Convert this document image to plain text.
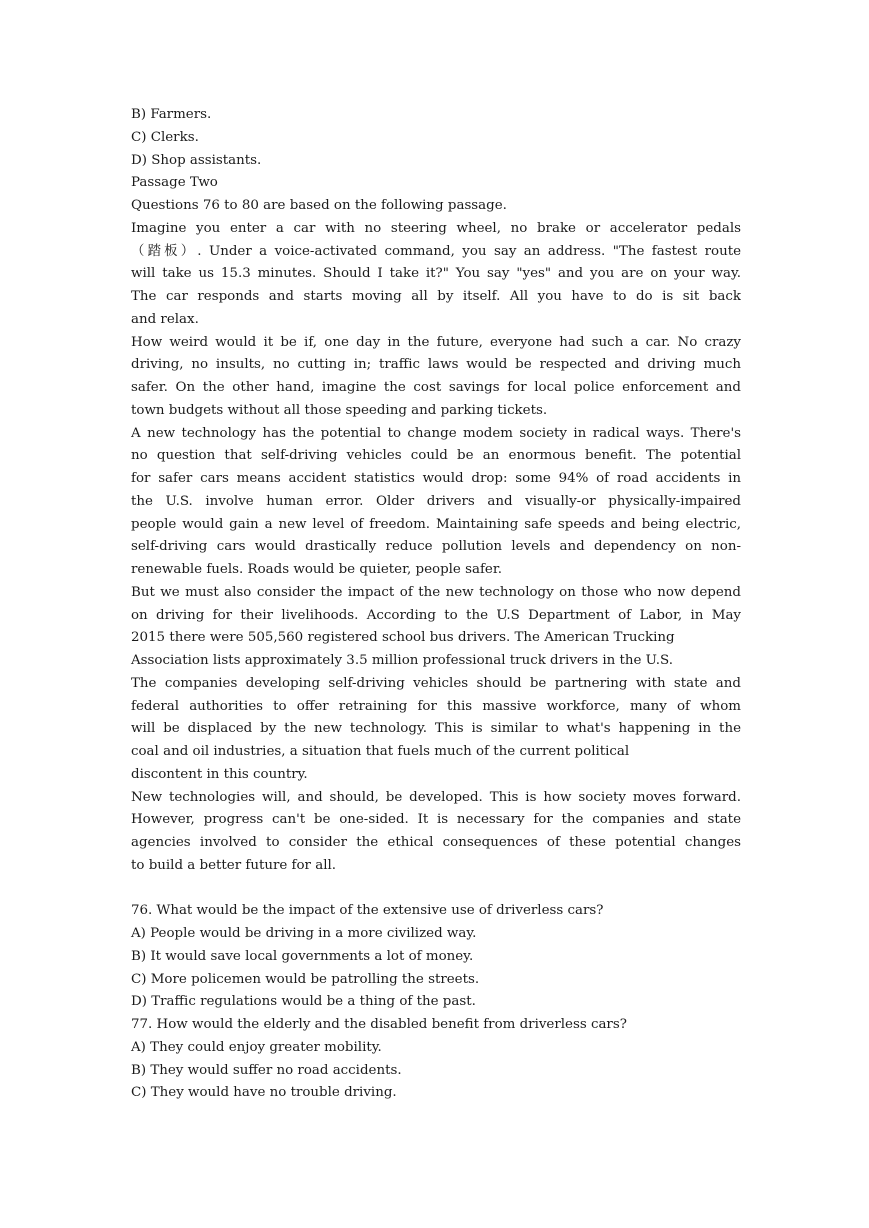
B) Farmers.
C) Clerks.
D) Shop assistants.
Passage Two
Questions 76 to 80 are based on the following passage.
Imagine you enter a car with no steering wheel, no brake or accelerator pedals
（踏板）. Under a voice-activated command, you say an address. "The fastest route
will take us 15.3 minutes. Should I take it?" You say "yes" and you are on your way.
The car responds and starts moving all by itself. All you have to do is sit back
and relax.
How weird would it be if, one day in the future, everyone had such a car. No crazy
driving, no insults, no cutting in; traffic laws would be respected and driving much
safer. On the other hand, imagine the cost savings for local police enforcement and
town budgets without all those speeding and parking tickets.
A new technology has the potential to change modem society in radical ways. There's
no question that self-driving vehicles could be an enormous benefit. The potential
for safer cars means accident statistics would drop: some 94% of road accidents in
the U.S. involve human error. Older drivers and visually-or physically-impaired
people would gain a new level of freedom. Maintaining safe speeds and being electric,
self-driving cars would drastically reduce pollution levels and dependency on non-
renewable fuels. Roads would be quieter, people safer.
But we must also consider the impact of the new technology on those who now depend
on driving for their livelihoods. According to the U.S Department of Labor, in May
2015 there were 505,560 registered school bus drivers. The American Trucking
Association lists approximately 3.5 million professional truck drivers in the U.S.
The companies developing self-driving vehicles should be partnering with state and
federal authorities to offer retraining for this massive workforce, many of whom
will be displaced by the new technology. This is similar to what's happening in the
coal and oil industries, a situation that fuels much of the current political
discontent in this country.
New technologies will, and should, be developed. This is how society moves forward.
However, progress can't be one-sided. It is necessary for the companies and state
agencies involved to consider the ethical consequences of these potential changes
to build a better future for all.
76. What would be the impact of the extensive use of driverless cars?
A) People would be driving in a more civilized way.
B) It would save local governments a lot of money.
C) More policemen would be patrolling the streets.
D) Traffic regulations would be a thing of the past.
77. How would the elderly and the disabled benefit from driverless cars?
A) They could enjoy greater mobility.
B) They would suffer no road accidents.
C) They would have no trouble driving.
